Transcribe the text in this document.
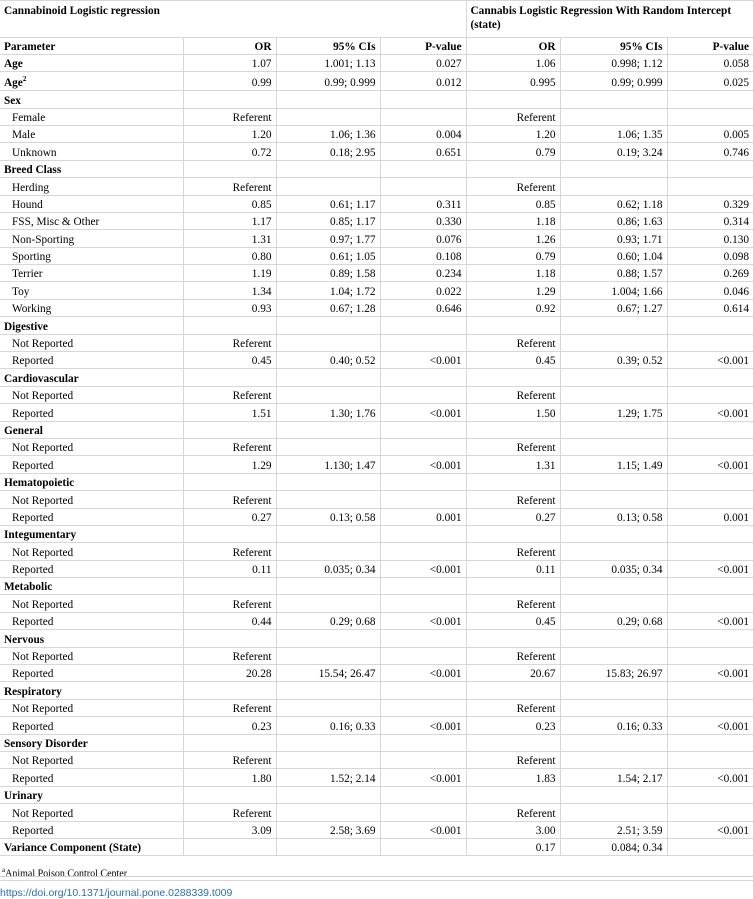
Cannabinoid Logistic regression				Cannabis Logistic Regression With Random Intercept (state)		
Parameter	OR	95% CIs	P-value	OR	95% CIs	P-value
Age	1.07	1.001; 1.13	0.027	1.06	0.998; 1.12	0.058
Age$^2$	0.99	0.99; 0.999	0.012	0.995	0.99; 0.999	0.025
Sex						
Female	Referent			Referent		
Male	1.20	1.06; 1.36	0.004	1.20	1.06; 1.35	0.005
Unknown	0.72	0.18; 2.95	0.651	0.79	0.19; 3.24	0.746
Breed Class						
Herding	Referent			Referent		
Hound	0.85	0.61; 1.17	0.311	0.85	0.62; 1.18	0.329
FSS, Misc & Other	1.17	0.85; 1.17	0.330	1.18	0.86; 1.63	0.314
Non-Sporting	1.31	0.97; 1.77	0.076	1.26	0.93; 1.71	0.130
Sporting	0.80	0.61; 1.05	0.108	0.79	0.60; 1.04	0.098
Terrier	1.19	0.89; 1.58	0.234	1.18	0.88; 1.57	0.269
Toy	1.34	1.04; 1.72	0.022	1.29	1.004; 1.66	0.046
Working	0.93	0.67; 1.28	0.646	0.92	0.67; 1.27	0.614
Digestive						
Not Reported	Referent			Referent		
Reported	0.45	0.40; 0.52	<0.001	0.45	0.39; 0.52	<0.001
Cardiovascular						
Not Reported	Referent			Referent		
Reported	1.51	1.30; 1.76	<0.001	1.50	1.29; 1.75	<0.001
General						
Not Reported	Referent			Referent		
Reported	1.29	1.130; 1.47	<0.001	1.31	1.15; 1.49	<0.001
Hematopoietic						
Not Reported	Referent			Referent		
Reported	0.27	0.13; 0.58	0.001	0.27	0.13; 0.58	0.001
Integumentary						
Not Reported	Referent			Referent		
Reported	0.11	0.035; 0.34	<0.001	0.11	0.035; 0.34	<0.001
Metabolic						
Not Reported	Referent			Referent		
Reported	0.44	0.29; 0.68	<0.001	0.45	0.29; 0.68	<0.001
Nervous						
Not Reported	Referent			Referent		
Reported	20.28	15.54; 26.47	<0.001	20.67	15.83; 26.97	<0.001
Respiratory						
Not Reported	Referent			Referent		
Reported	0.23	0.16; 0.33	<0.001	0.23	0.16; 0.33	<0.001
Sensory Disorder						
Not Reported	Referent			Referent		
Reported	1.80	1.52; 2.14	<0.001	1.83	1.54; 2.17	<0.001
Urinary						
Not Reported	Referent			Referent		
Reported	3.09	2.58; 3.69	<0.001	3.00	2.51; 3.59	<0.001
Variance Component (State)				0.17	0.084; 0.34	

$^a$Animal Poison Control Center

https://doi.org/10.1371/journal.pone.0288339.t009
